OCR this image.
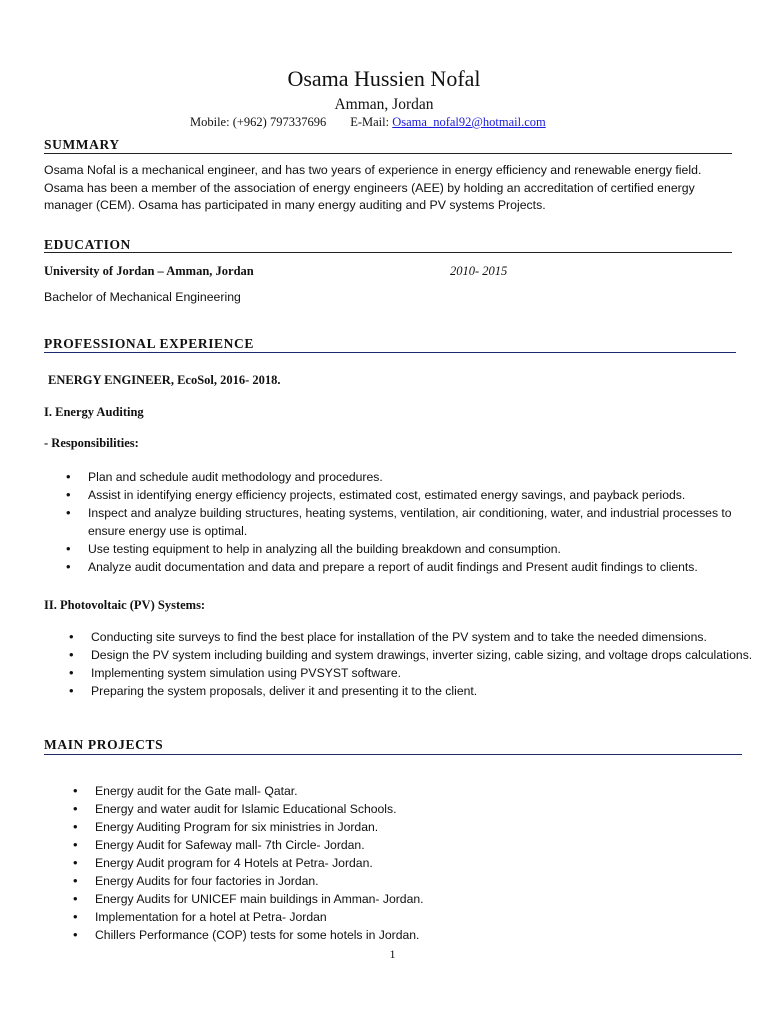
Osama Hussien Nofal
Amman, Jordan
Mobile: (+962) 797337696 E-Mail: Osama_nofal92@hotmail.com
SUMMARY
Osama Nofal is a mechanical engineer, and has two years of experience in energy efficiency and renewable energy field. Osama has been a member of the association of energy engineers (AEE) by holding an accreditation of certified energy manager (CEM). Osama has participated in many energy auditing and PV systems Projects.
EDUCATION
University of Jordan – Amman, Jordan	2010- 2015
Bachelor of Mechanical Engineering
PROFESSIONAL EXPERIENCE
ENERGY ENGINEER, EcoSol, 2016- 2018.
I. Energy Auditing
- Responsibilities:
• Plan and schedule audit methodology and procedures.
• Assist in identifying energy efficiency projects, estimated cost, estimated energy savings, and payback periods.
• Inspect and analyze building structures, heating systems, ventilation, air conditioning, water, and industrial processes to ensure energy use is optimal.
• Use testing equipment to help in analyzing all the building breakdown and consumption.
• Analyze audit documentation and data and prepare a report of audit findings and Present audit findings to clients.
II. Photovoltaic (PV) Systems:
• Conducting site surveys to find the best place for installation of the PV system and to take the needed dimensions.
• Design the PV system including building and system drawings, inverter sizing, cable sizing, and voltage drops calculations.
• Implementing system simulation using PVSYST software.
• Preparing the system proposals, deliver it and presenting it to the client.
MAIN PROJECTS
• Energy audit for the Gate mall- Qatar.
• Energy and water audit for Islamic Educational Schools.
• Energy Auditing Program for six ministries in Jordan.
• Energy Audit for Safeway mall- 7th Circle- Jordan.
• Energy Audit program for 4 Hotels at Petra- Jordan.
• Energy Audits for four factories in Jordan.
• Energy Audits for UNICEF main buildings in Amman- Jordan.
• Implementation for a hotel at Petra- Jordan
• Chillers Performance (COP) tests for some hotels in Jordan.
1
